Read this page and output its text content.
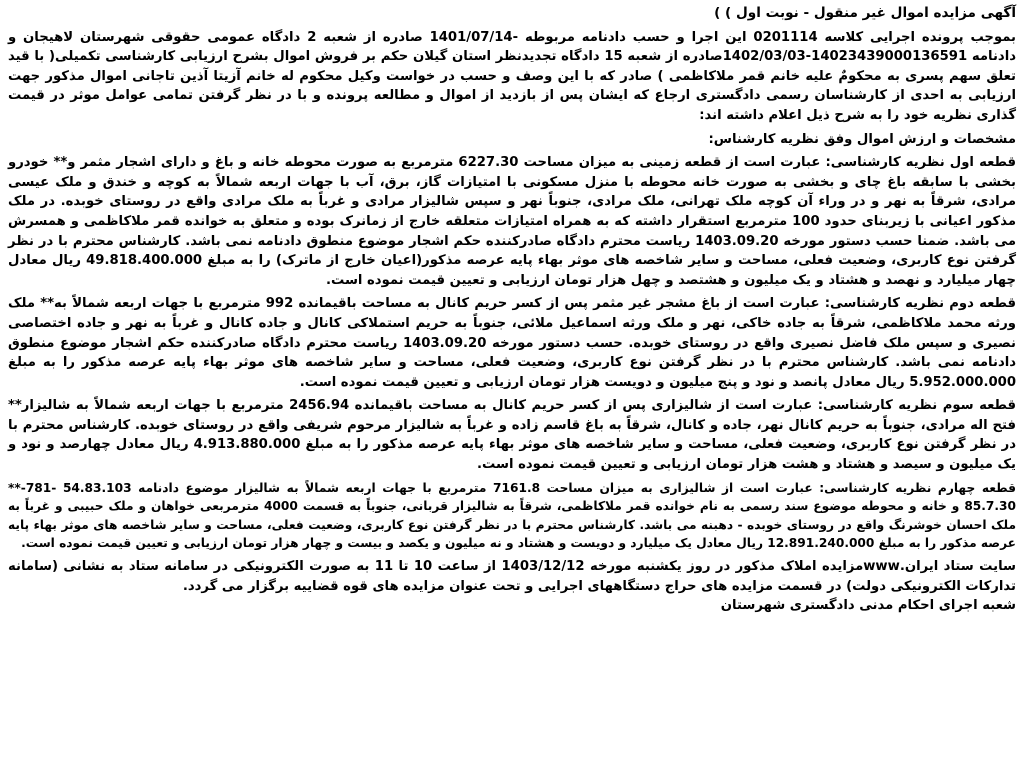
آگهی مزایده اموال غیر منقول - نوبت اول ) )

بموجب پرونده اجرایی کلاسه 0201114 این اجرا و حسب دادنامه مربوطه -1401/07/14 صادره از شعبه 2 دادگاه عمومی حقوقی شهرستان لاهیجان و دادنامه 14023439000136591-1402/03/03صادره از شعبه 15 دادگاه تجدیدنظر استان گیلان حکم بر فروش اموال بشرح ارزیابی کارشناسی تکمیلی( با قید تعلق سهم پسری به محکومٌ علیه خانم قمر ملاکاظمی ) صادر که با این وصف و حسب در خواست وکیل محکوم له خانم آزیتا آذین تاجانی اموال مذکور جهت ارزیابی به احدی از کارشناسان رسمی دادگستری ارجاع که ایشان پس از بازدید از اموال و مطالعه پرونده و با در نظر گرفتن تمامی عوامل موثر در قیمت گذاری نظریه خود را به شرح ذیل اعلام داشته اند:

مشخصات و ارزش اموال وفق نظریه کارشناس:

قطعه اول نظریه کارشناسی: عبارت است از قطعه زمینی به میزان مساحت 6227.30 مترمربع به صورت محوطه خانه و باغ و دارای اشجار مثمر و** خودرو بخشی با سابقه باغ چای و بخشی به صورت خانه محوطه با منزل مسکونی با امتیازات گاز، برق، آب با جهات اربعه شمالاً به کوچه و خندق و ملک عیسی مرادی، شرقاً به نهر و در وراء آن کوچه ملک تهرانی، ملک مرادی، جنوباً نهر و سپس شالیزار مرادی و غرباً به ملک مرادی واقع در روستای خوبده. در ملک مذکور اعیانی با زیربنای حدود 100 مترمربع استقرار داشته که به همراه امتیازات متعلقه خارج از زمانرک بوده و متعلق به خوانده قمر ملاکاظمی و همسرش می باشد. ضمنا حسب دستور مورخه 1403.09.20 ریاست محترم دادگاه صادرکننده حکم اشجار موضوع منطوق دادنامه نمی باشد. کارشناس محترم با در نظر گرفتن نوع کاربری، وضعیت فعلی، مساحت و سایر شاخصه های موثر بهاء پایه عرصه مذکور(اعیان خارج از ماترک) را به مبلغ 49.818.400.000 ریال معادل چهار میلیارد و نهصد و هشتاد و یک میلیون و هشتصد و چهل هزار تومان ارزیابی و تعیین قیمت نموده است.

قطعه دوم نظریه کارشناسی: عبارت است از باغ مشجر غیر مثمر پس از کسر حریم کانال به مساحت باقیمانده 992 مترمربع با جهات اربعه شمالاً به** ملک ورثه محمد ملاکاظمی، شرقاً به جاده خاکی، نهر و ملک ورثه اسماعیل ملائی، جنوباً به حریم استملاکی کانال و جاده کانال و غرباً به نهر و جاده اختصاصی نصیری و سپس ملک فاضل نصیری واقع در روستای خوبده. حسب دستور مورخه 1403.09.20 ریاست محترم دادگاه صادرکننده حکم اشجار موضوع منطوق دادنامه نمی باشد. کارشناس محترم با در نظر گرفتن نوع کاربری، وضعیت فعلی، مساحت و سایر شاخصه های موثر بهاء پایه عرصه مذکور را به مبلغ 5.952.000.000 ریال معادل پانصد و نود و پنج میلیون و دویست هزار تومان ارزیابی و تعیین قیمت نموده است.

قطعه سوم نظریه کارشناسی: عبارت است از شالیزاری پس از کسر حریم کانال به مساحت باقیمانده 2456.94 مترمربع با جهات اربعه شمالاً به شالیزار** فتح اله مرادی، جنوباً به حریم کانال نهر، جاده و کانال، شرقاً به باغ قاسم زاده و غرباً به شالیزار مرحوم شریفی واقع در روستای خوبده. کارشناس محترم با در نظر گرفتن نوع کاربری، وضعیت فعلی، مساحت و سایر شاخصه های موثر بهاء پایه عرصه مذکور را به مبلغ 4.913.880.000 ریال معادل چهارصد و نود و یک میلیون و سیصد و هشتاد و هشت هزار تومان ارزیابی و تعیین قیمت نموده است.

قطعه چهارم نظریه کارشناسی: عبارت است از شالیزاری به میزان مساحت 7161.8 مترمربع با جهات اربعه شمالاً به شالیزار موضوع دادنامه 54.83.103 -781-** 85.7.30 و خانه و محوطه موضوع سند رسمی به نام خوانده قمر ملاکاظمی، شرقاً به شالیزار قربانی، جنوباً به قسمت 4000 مترمربعی خواهان و ملک حبیبی و غرباً به ملک احسان خوشرنگ واقع در روستای خوبده - دهبنه می باشد. کارشناس محترم با در نظر گرفتن نوع کاربری، وضعیت فعلی، مساحت و سایر شاخصه های موثر بهاء پایه عرصه مذکور را به مبلغ 12.891.240.000 ریال معادل یک میلیارد و دویست و هشتاد و نه میلیون و یکصد و بیست و چهار هزار تومان ارزیابی و تعیین قیمت نموده است.

سایت ستاد ایران.wwwمزایده املاک مذکور در روز یکشنبه مورخه 1403/12/12 از ساعت 10 تا 11 به صورت الکترونیکی در سامانه ستاد به نشانی (سامانه تدارکات الکترونیکی دولت) در قسمت مزایده های حراج دستگاههای اجرایی و تحت عنوان مزایده های قوه قضاییه برگزار می گردد.

شعبه اجرای احکام مدنی دادگستری شهرستان
